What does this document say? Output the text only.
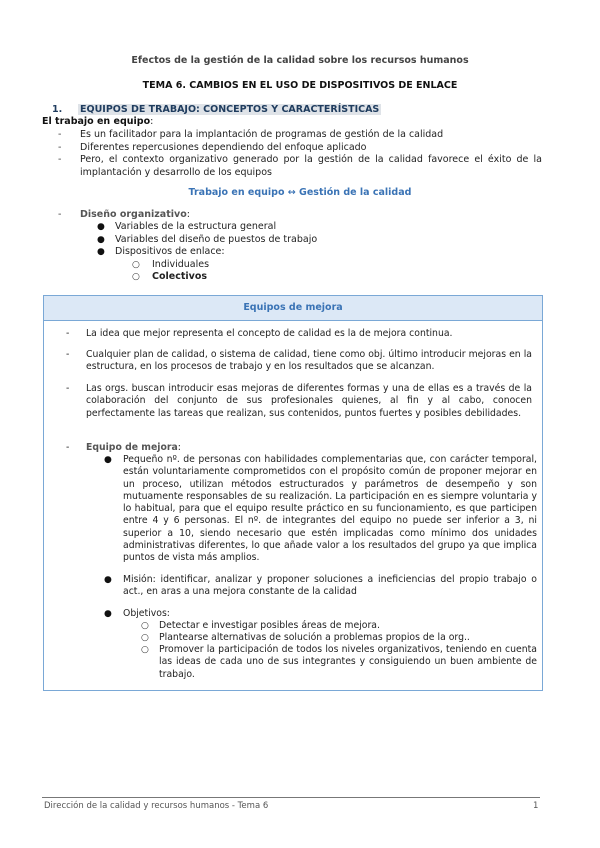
Efectos de la gestión de la calidad sobre los recursos humanos
TEMA 6. CAMBIOS EN EL USO DE DISPOSITIVOS DE ENLACE
1. EQUIPOS DE TRABAJO: CONCEPTOS Y CARACTERÍSTICAS
El trabajo en equipo:
- Es un facilitador para la implantación de programas de gestión de la calidad
- Diferentes repercusiones dependiendo del enfoque aplicado
- Pero, el contexto organizativo generado por la gestión de la calidad favorece el éxito de la implantación y desarrollo de los equipos
Trabajo en equipo ↔ Gestión de la calidad
- Diseño organizativo:
● Variables de la estructura general
● Variables del diseño de puestos de trabajo
● Dispositivos de enlace:
○ Individuales
○ Colectivos
Equipos de mejora
- La idea que mejor representa el concepto de calidad es la de mejora continua.
- Cualquier plan de calidad, o sistema de calidad, tiene como obj. último introducir mejoras en la estructura, en los procesos de trabajo y en los resultados que se alcanzan.
- Las orgs. buscan introducir esas mejoras de diferentes formas y una de ellas es a través de la colaboración del conjunto de sus profesionales quienes, al fin y al cabo, conocen perfectamente las tareas que realizan, sus contenidos, puntos fuertes y posibles debilidades.
- Equipo de mejora:
● Pequeño nº. de personas con habilidades complementarias que, con carácter temporal, están voluntariamente comprometidos con el propósito común de proponer mejorar en un proceso, utilizan métodos estructurados y parámetros de desempeño y son mutuamente responsables de su realización. La participación en es siempre voluntaria y lo habitual, para que el equipo resulte práctico en su funcionamiento, es que participen entre 4 y 6 personas. El nº. de integrantes del equipo no puede ser inferior a 3, ni superior a 10, siendo necesario que estén implicadas como mínimo dos unidades administrativas diferentes, lo que añade valor a los resultados del grupo ya que implica puntos de vista más amplios.
● Misión: identificar, analizar y proponer soluciones a ineficiencias del propio trabajo o act., en aras a una mejora constante de la calidad
● Objetivos:
○ Detectar e investigar posibles áreas de mejora.
○ Plantearse alternativas de solución a problemas propios de la org..
○ Promover la participación de todos los niveles organizativos, teniendo en cuenta las ideas de cada uno de sus integrantes y consiguiendo un buen ambiente de trabajo.
Dirección de la calidad y recursos humanos - Tema 6	1
